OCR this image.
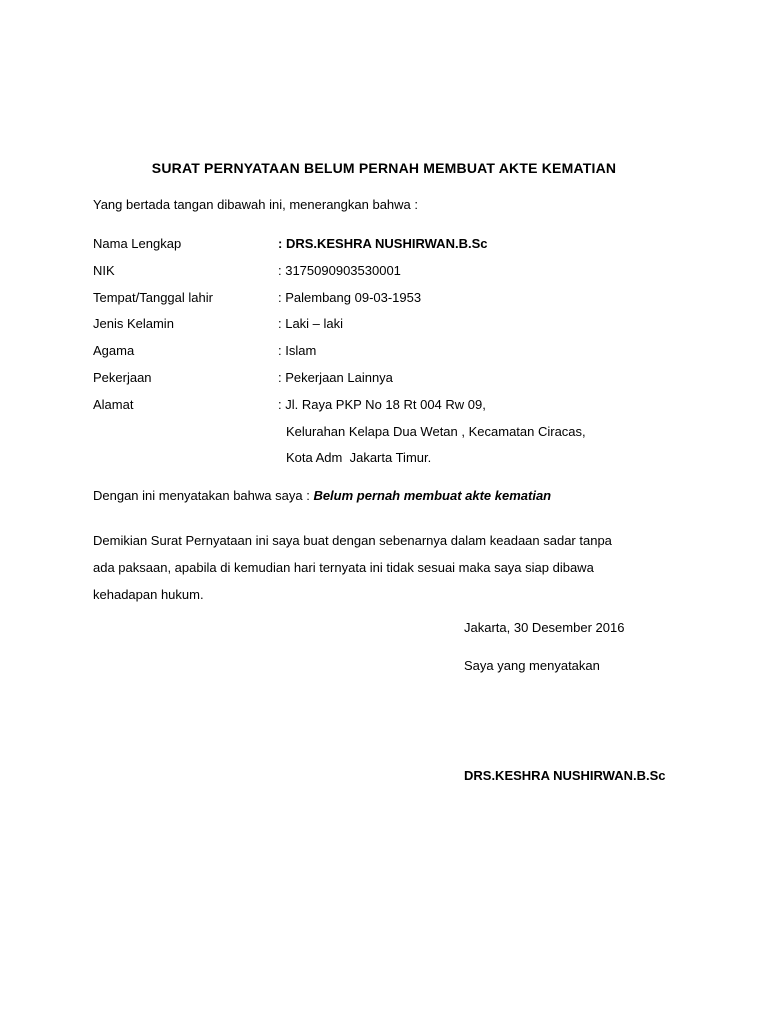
SURAT PERNYATAAN BELUM PERNAH MEMBUAT AKTE KEMATIAN
Yang bertada tangan dibawah ini, menerangkan bahwa :
Nama Lengkap	: DRS.KESHRA NUSHIRWAN.B.Sc
NIK	: 3175090903530001
Tempat/Tanggal lahir	: Palembang 09-03-1953
Jenis Kelamin	: Laki – laki
Agama	: Islam
Pekerjaan	: Pekerjaan Lainnya
Alamat	: Jl. Raya PKP No 18 Rt 004 Rw 09,
Kelurahan Kelapa Dua Wetan , Kecamatan Ciracas,
Kota Adm  Jakarta Timur.
Dengan ini menyatakan bahwa saya : Belum pernah membuat akte kematian
Demikian Surat Pernyataan ini saya buat dengan sebenarnya dalam keadaan sadar tanpa
ada paksaan, apabila di kemudian hari ternyata ini tidak sesuai maka saya siap dibawa
kehadapan hukum.
Jakarta, 30 Desember 2016
Saya yang menyatakan
DRS.KESHRA NUSHIRWAN.B.Sc
